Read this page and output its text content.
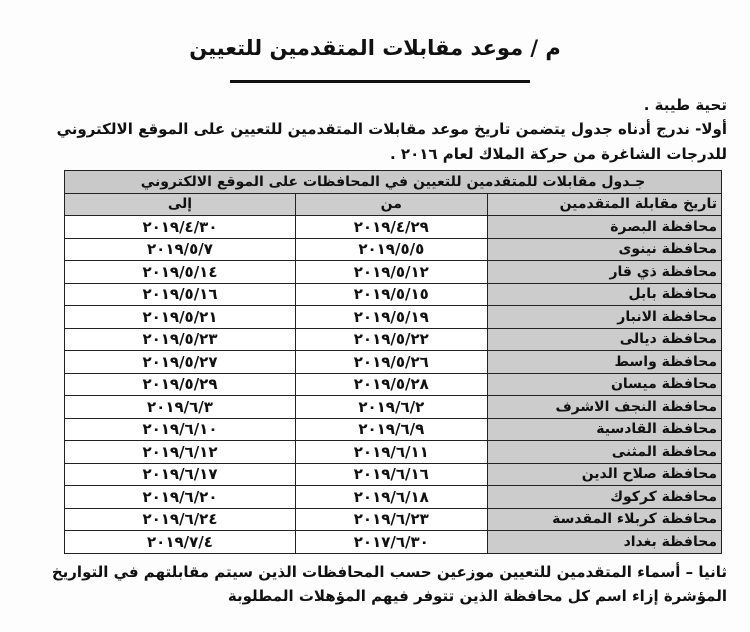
م / موعد مقابلات المتقدمين للتعيين
تحية طيبة .
أولا- ندرج أدناه جدول يتضمن تاريخ موعد مقابلات المتقدمين للتعيين على الموقع الالكتروني للدرجات الشاغرة من حركة الملاك لعام ٢٠١٦ .
جـدول مقابلات للمتقدمين للتعيين في المحافظات على الموقع الالكتروني		
تاريخ مقابلة المتقدمين	من	إلى
محافظة البصرة	٢٠١٩/٤/٢٩	٢٠١٩/٤/٣٠
محافظة نينوى	٢٠١٩/٥/٥	٢٠١٩/٥/٧
محافظة ذي قار	٢٠١٩/٥/١٢	٢٠١٩/٥/١٤
محافظة بابل	٢٠١٩/٥/١٥	٢٠١٩/٥/١٦
محافظة الانبار	٢٠١٩/٥/١٩	٢٠١٩/٥/٢١
محافظة ديالى	٢٠١٩/٥/٢٢	٢٠١٩/٥/٢٣
محافظة واسط	٢٠١٩/٥/٢٦	٢٠١٩/٥/٢٧
محافظة ميسان	٢٠١٩/٥/٢٨	٢٠١٩/٥/٢٩
محافظة النجف الاشرف	٢٠١٩/٦/٢	٢٠١٩/٦/٣
محافظة القادسية	٢٠١٩/٦/٩	٢٠١٩/٦/١٠
محافظة المثنى	٢٠١٩/٦/١١	٢٠١٩/٦/١٢
محافظة صلاح الدين	٢٠١٩/٦/١٦	٢٠١٩/٦/١٧
محافظة كركوك	٢٠١٩/٦/١٨	٢٠١٩/٦/٢٠
محافظة كربلاء المقدسة	٢٠١٩/٦/٢٣	٢٠١٩/٦/٢٤
محافظة بغداد	٢٠١٧/٦/٣٠	٢٠١٩/٧/٤
ثانيا – أسماء المتقدمين للتعيين موزعين حسب المحافظات الذين سيتم مقابلتهم في التواريخ المؤشرة إزاء اسم كل محافظة الذين تتوفر فيهم المؤهلات المطلوبة
